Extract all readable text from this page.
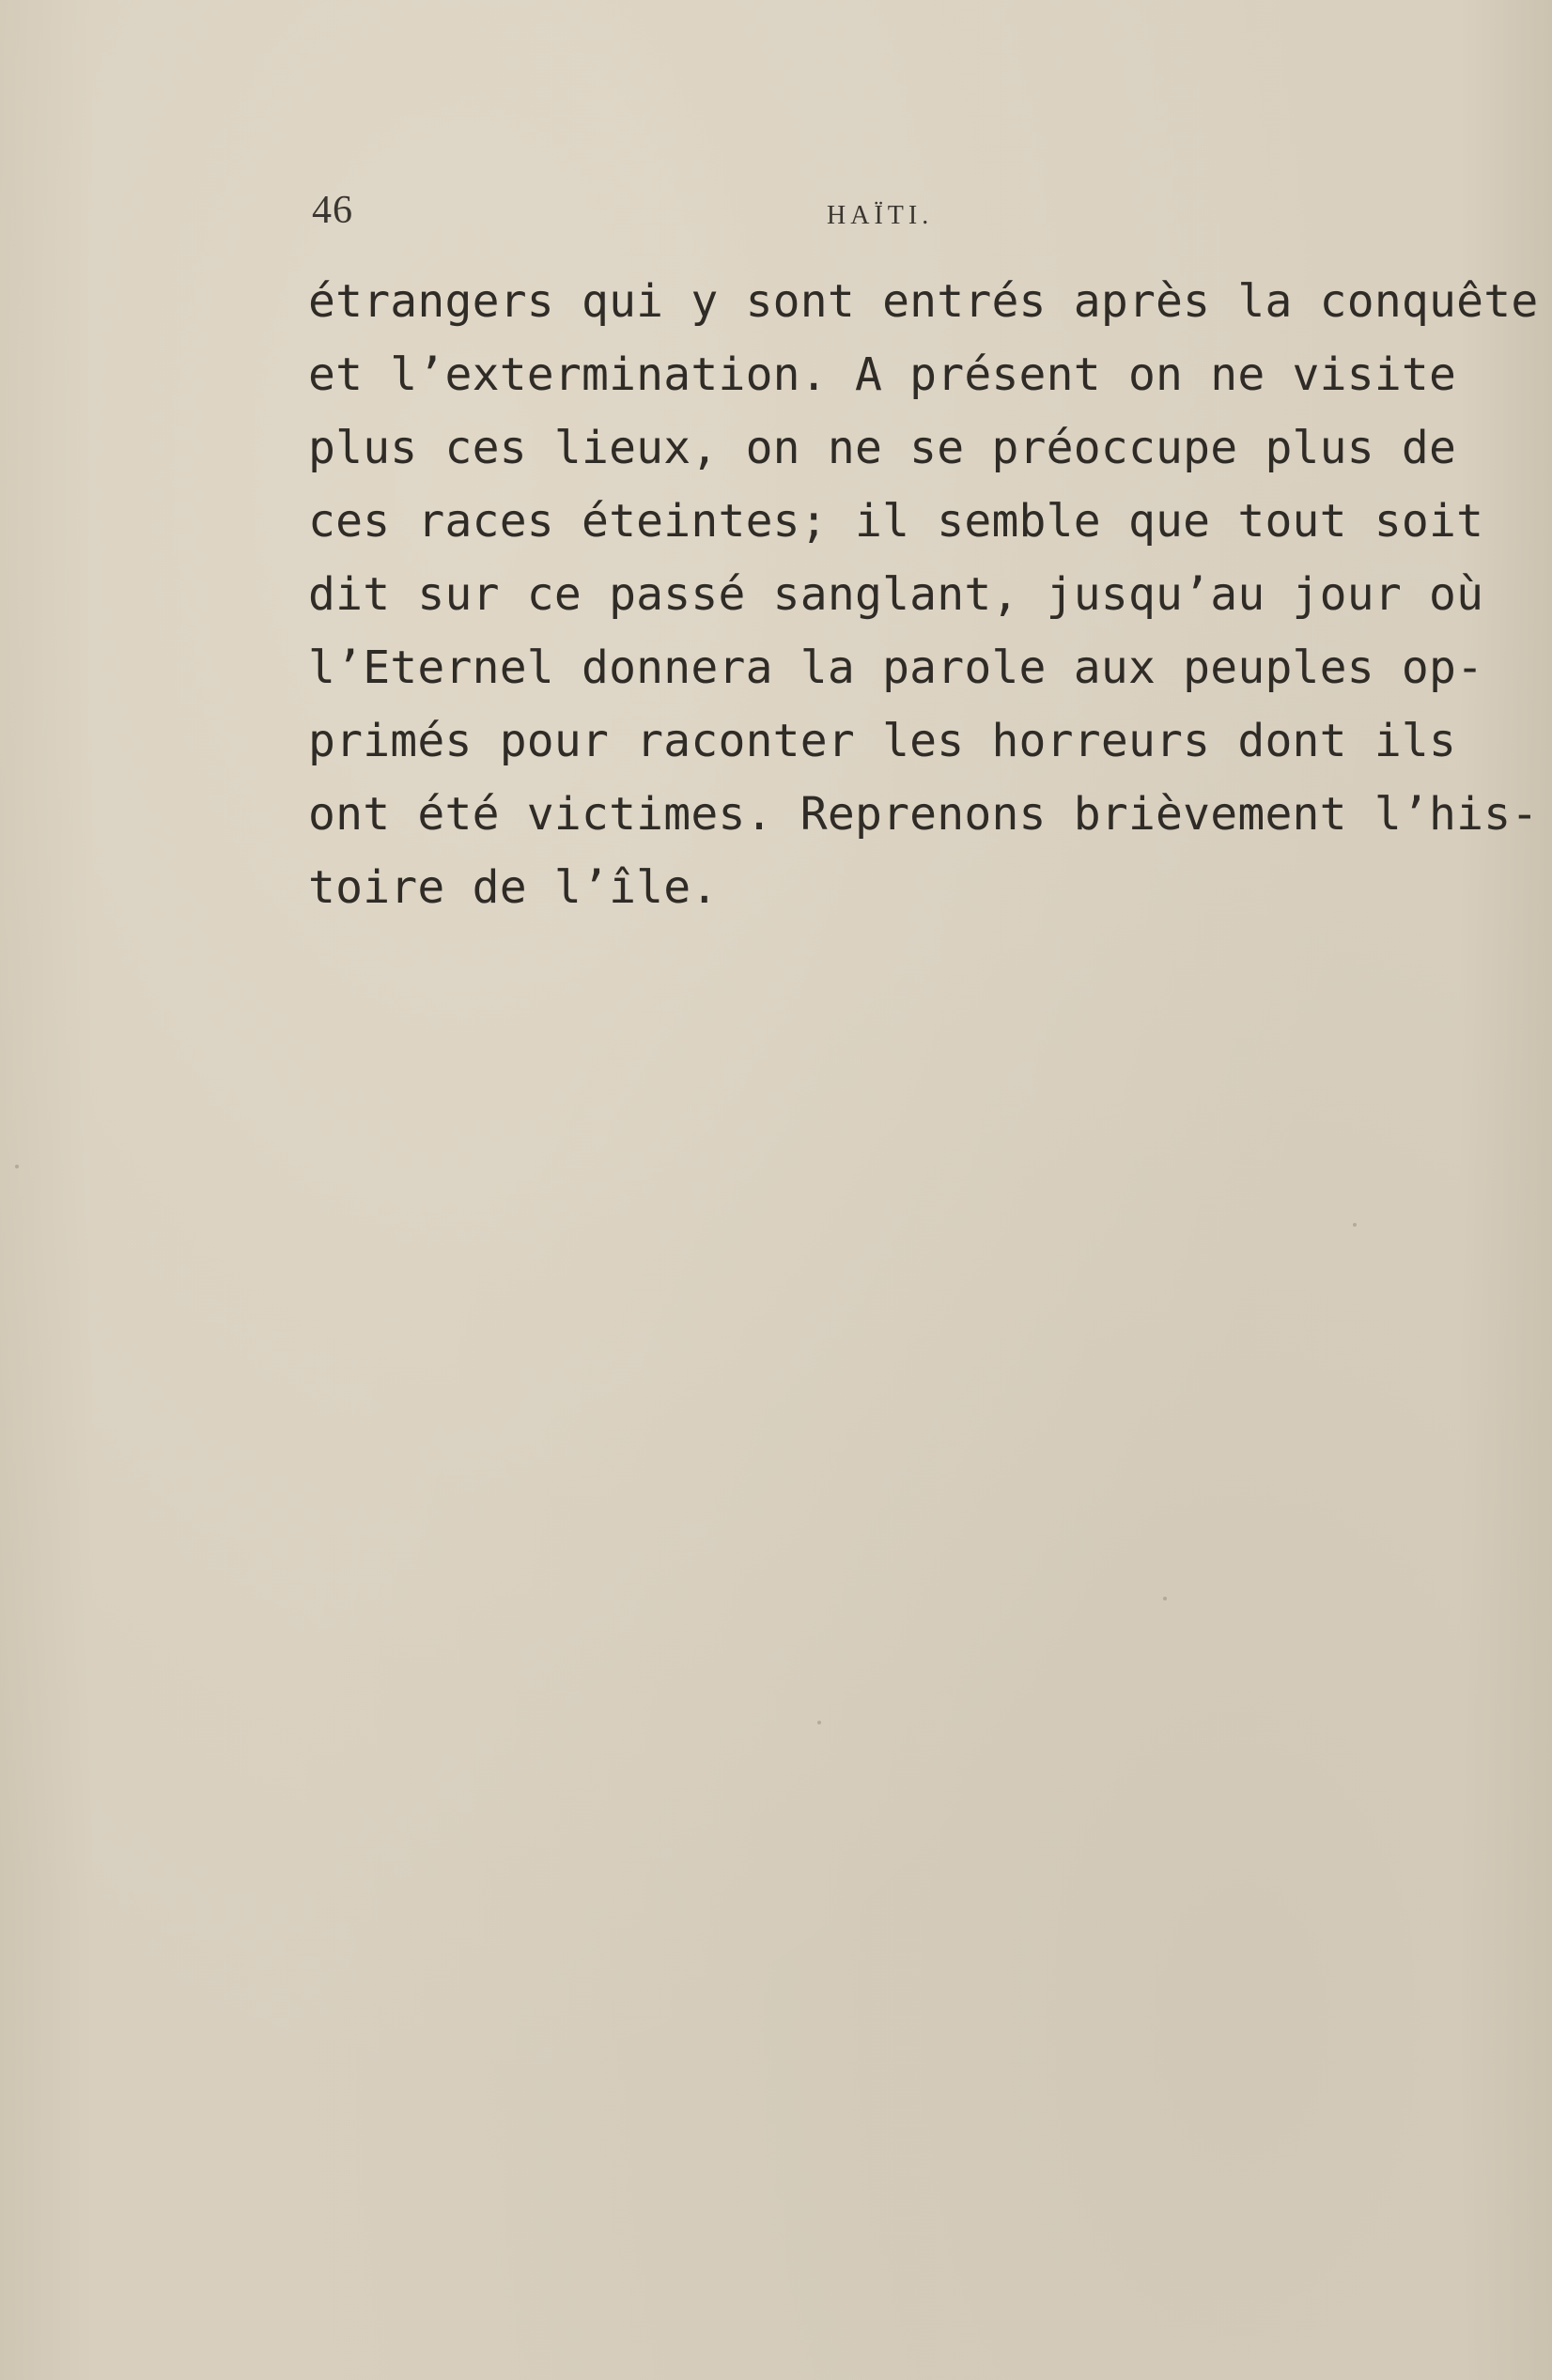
46	HAÏTI.
étrangers qui y sont entrés après la conquête
et l’extermination. A présent on ne visite
plus ces lieux, on ne se préoccupe plus de
ces races éteintes; il semble que tout soit
dit sur ce passé sanglant, jusqu’au jour où
l’Eternel donnera la parole aux peuples op-
primés pour raconter les horreurs dont ils
ont été victimes. Reprenons brièvement l’his-
toire de l’île.
